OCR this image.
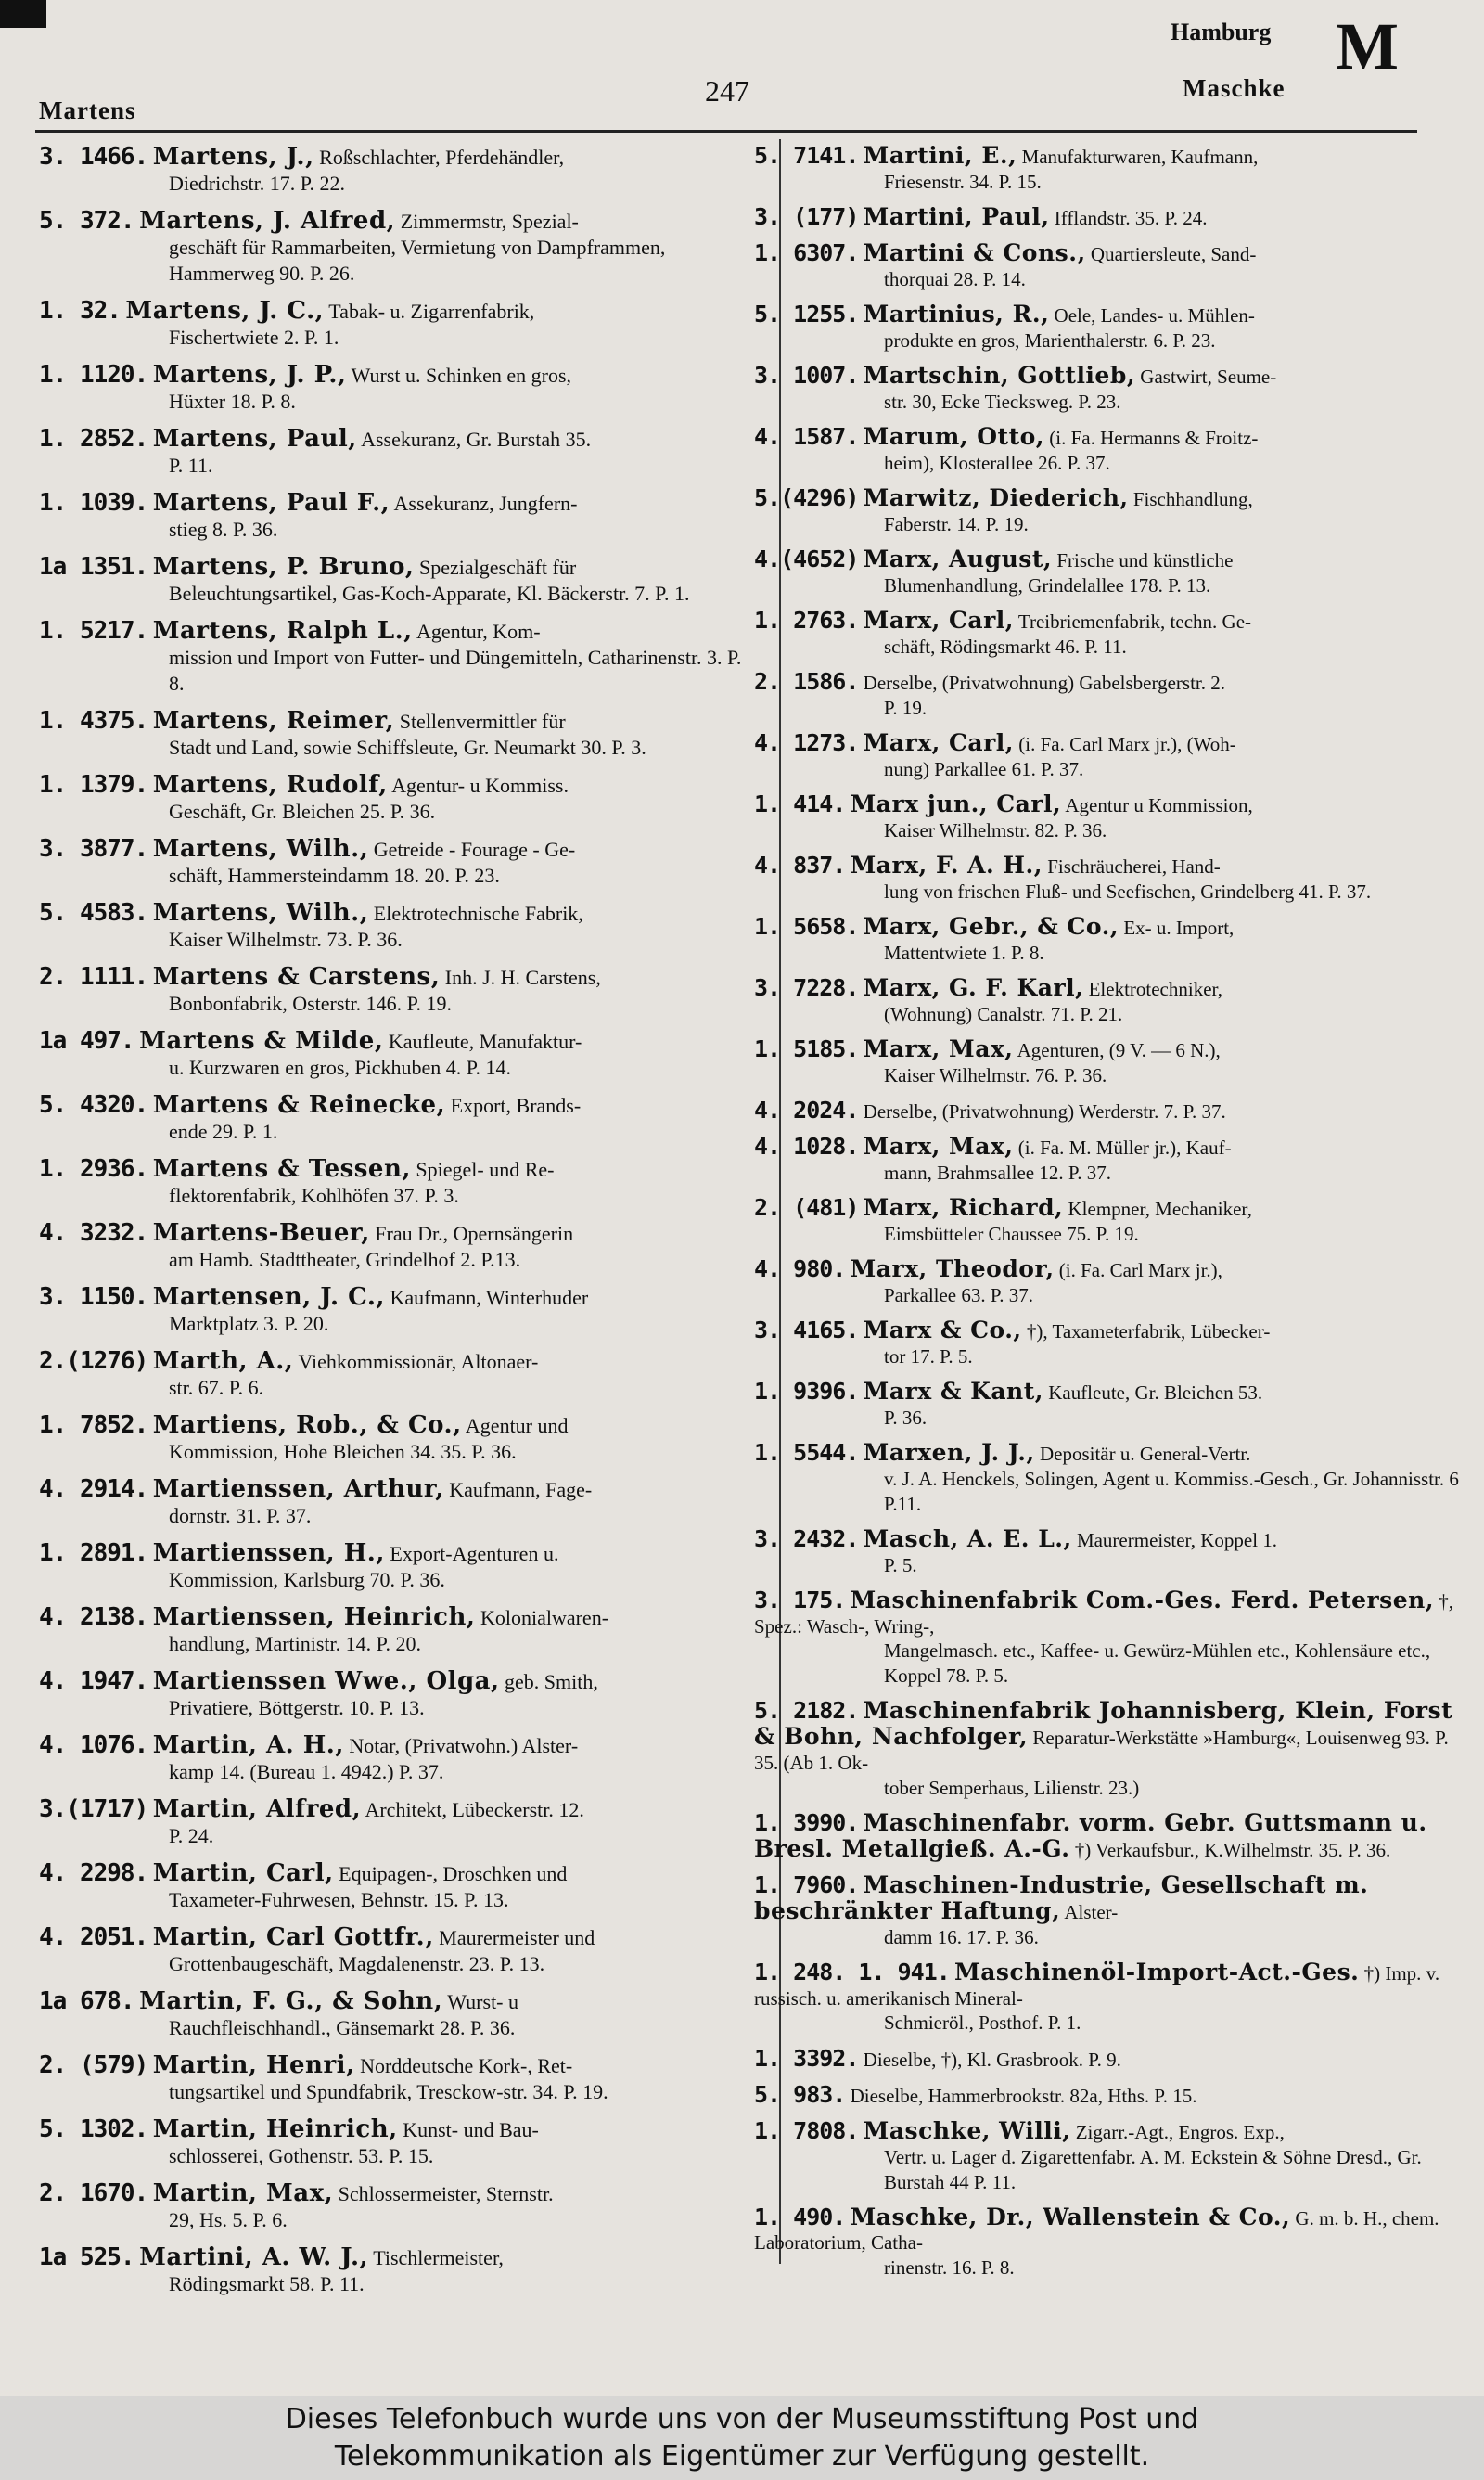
Martens
247
Hamburg
Maschke
M
3. 1466. Martens, J., Roßschlachter, Pferdehändler,
Diedrichstr. 17. P. 22.
5. 372. Martens, J. Alfred, Zimmermstr, Spezial-
geschäft für Rammarbeiten, Vermietung von Dampframmen, Hammerweg 90. P. 26.
1. 32. Martens, J. C., Tabak- u. Zigarrenfabrik,
Fischertwiete 2. P. 1.
1. 1120. Martens, J. P., Wurst u. Schinken en gros,
Hüxter 18. P. 8.
1. 2852. Martens, Paul, Assekuranz, Gr. Burstah 35.
P. 11.
1. 1039. Martens, Paul F., Assekuranz, Jungfern-
stieg 8. P. 36.
1a 1351. Martens, P. Bruno, Spezialgeschäft für
Beleuchtungsartikel, Gas-Koch-Apparate, Kl. Bäckerstr. 7. P. 1.
1. 5217. Martens, Ralph L., Agentur, Kom-
mission und Import von Futter- und Düngemitteln, Catharinenstr. 3. P. 8.
1. 4375. Martens, Reimer, Stellenvermittler für
Stadt und Land, sowie Schiffsleute, Gr. Neumarkt 30. P. 3.
1. 1379. Martens, Rudolf, Agentur- u Kommiss.
Geschäft, Gr. Bleichen 25. P. 36.
3. 3877. Martens, Wilh., Getreide - Fourage - Ge-
schäft, Hammersteindamm 18. 20. P. 23.
5. 4583. Martens, Wilh., Elektrotechnische Fabrik,
Kaiser Wilhelmstr. 73. P. 36.
2. 1111. Martens & Carstens, Inh. J. H. Carstens,
Bonbonfabrik, Osterstr. 146. P. 19.
1a 497. Martens & Milde, Kaufleute, Manufaktur-
u. Kurzwaren en gros, Pickhuben 4. P. 14.
5. 4320. Martens & Reinecke, Export, Brands-
ende 29. P. 1.
1. 2936. Martens & Tessen, Spiegel- und Re-
flektorenfabrik, Kohlhöfen 37. P. 3.
4. 3232. Martens-Beuer, Frau Dr., Opernsängerin
am Hamb. Stadttheater, Grindelhof 2. P.13.
3. 1150. Martensen, J. C., Kaufmann, Winterhuder
Marktplatz 3. P. 20.
2.(1276) Marth, A., Viehkommissionär, Altonaer-
str. 67. P. 6.
1. 7852. Martiens, Rob., & Co., Agentur und
Kommission, Hohe Bleichen 34. 35. P. 36.
4. 2914. Martienssen, Arthur, Kaufmann, Fage-
dornstr. 31. P. 37.
1. 2891. Martienssen, H., Export-Agenturen u.
Kommission, Karlsburg 70. P. 36.
4. 2138. Martienssen, Heinrich, Kolonialwaren-
handlung, Martinistr. 14. P. 20.
4. 1947. Martienssen Wwe., Olga, geb. Smith,
Privatiere, Böttgerstr. 10. P. 13.
4. 1076. Martin, A. H., Notar, (Privatwohn.) Alster-
kamp 14. (Bureau 1. 4942.) P. 37.
3.(1717) Martin, Alfred, Architekt, Lübeckerstr. 12.
P. 24.
4. 2298. Martin, Carl, Equipagen-, Droschken und
Taxameter-Fuhrwesen, Behnstr. 15. P. 13.
4. 2051. Martin, Carl Gottfr., Maurermeister und
Grottenbaugeschäft, Magdalenenstr. 23. P. 13.
1a 678. Martin, F. G., & Sohn, Wurst- u
Rauchfleischhandl., Gänsemarkt 28. P. 36.
2. (579) Martin, Henri, Norddeutsche Kork-, Ret-
tungsartikel und Spundfabrik, Tresckow-str. 34. P. 19.
5. 1302. Martin, Heinrich, Kunst- und Bau-
schlosserei, Gothenstr. 53. P. 15.
2. 1670. Martin, Max, Schlossermeister, Sternstr.
29, Hs. 5. P. 6.
1a 525. Martini, A. W. J., Tischlermeister,
Rödingsmarkt 58. P. 11.
5. 7141. Martini, E., Manufakturwaren, Kaufmann,
Friesenstr. 34. P. 15.
3. (177) Martini, Paul, Ifflandstr. 35. P. 24.
1. 6307. Martini & Cons., Quartiersleute, Sand-
thorquai 28. P. 14.
5. 1255. Martinius, R., Oele, Landes- u. Mühlen-
produkte en gros, Marienthalerstr. 6. P. 23.
3. 1007. Martschin, Gottlieb, Gastwirt, Seume-
str. 30, Ecke Tiecksweg. P. 23.
4. 1587. Marum, Otto, (i. Fa. Hermanns & Froitz-
heim), Klosterallee 26. P. 37.
5.(4296) Marwitz, Diederich, Fischhandlung,
Faberstr. 14. P. 19.
4.(4652) Marx, August, Frische und künstliche
Blumenhandlung, Grindelallee 178. P. 13.
1. 2763. Marx, Carl, Treibriemenfabrik, techn. Ge-
schäft, Rödingsmarkt 46. P. 11.
2. 1586. Derselbe, (Privatwohnung) Gabelsbergerstr. 2.
P. 19.
4. 1273. Marx, Carl, (i. Fa. Carl Marx jr.), (Woh-
nung) Parkallee 61. P. 37.
1. 414. Marx jun., Carl, Agentur u Kommission,
Kaiser Wilhelmstr. 82. P. 36.
4. 837. Marx, F. A. H., Fischräucherei, Hand-
lung von frischen Fluß- und Seefischen, Grindelberg 41. P. 37.
1. 5658. Marx, Gebr., & Co., Ex- u. Import,
Mattentwiete 1. P. 8.
3. 7228. Marx, G. F. Karl, Elektrotechniker,
(Wohnung) Canalstr. 71. P. 21.
1. 5185. Marx, Max, Agenturen, (9 V. — 6 N.),
Kaiser Wilhelmstr. 76. P. 36.
4. 2024. Derselbe, (Privatwohnung) Werderstr. 7. P. 37.
4. 1028. Marx, Max, (i. Fa. M. Müller jr.), Kauf-
mann, Brahmsallee 12. P. 37.
2. (481) Marx, Richard, Klempner, Mechaniker,
Eimsbütteler Chaussee 75. P. 19.
4. 980. Marx, Theodor, (i. Fa. Carl Marx jr.),
Parkallee 63. P. 37.
3. 4165. Marx & Co., †), Taxameterfabrik, Lübecker-
tor 17. P. 5.
1. 9396. Marx & Kant, Kaufleute, Gr. Bleichen 53.
P. 36.
1. 5544. Marxen, J. J., Depositär u. General-Vertr.
v. J. A. Henckels, Solingen, Agent u. Kommiss.-Gesch., Gr. Johannisstr. 6 P.11.
3. 2432. Masch, A. E. L., Maurermeister, Koppel 1.
P. 5.
3. 175. Maschinenfabrik Com.-Ges. Ferd. Petersen, †, Spez.: Wasch-, Wring-,
Mangelmasch. etc., Kaffee- u. Gewürz-Mühlen etc., Kohlensäure etc., Koppel 78. P. 5.
5. 2182. Maschinenfabrik Johannisberg, Klein, Forst & Bohn, Nachfolger, Reparatur-Werkstätte »Hamburg«, Louisenweg 93. P. 35. (Ab 1. Ok-
tober Semperhaus, Lilienstr. 23.)
1. 3990. Maschinenfabr. vorm. Gebr. Guttsmann u. Bresl. Metallgieß. A.-G. †) Verkaufsbur., K.Wilhelmstr. 35. P. 36.
1. 7960. Maschinen-Industrie, Gesellschaft m. beschränkter Haftung, Alster-
damm 16. 17. P. 36.
1. 248. 1. 941. Maschinenöl-Import-Act.-Ges. †) Imp. v. russisch. u. amerikanisch Mineral-
Schmieröl., Posthof. P. 1.
1. 3392. Dieselbe, †), Kl. Grasbrook. P. 9.
5. 983. Dieselbe, Hammerbrookstr. 82a, Hths. P. 15.
1. 7808. Maschke, Willi, Zigarr.-Agt., Engros. Exp.,
Vertr. u. Lager d. Zigarettenfabr. A. M. Eckstein & Söhne Dresd., Gr. Burstah 44 P. 11.
1. 490. Maschke, Dr., Wallenstein & Co., G. m. b. H., chem. Laboratorium, Catha-
rinenstr. 16. P. 8.
Dieses Telefonbuch wurde uns von der Museumsstiftung Post und
Telekommunikation als Eigentümer zur Verfügung gestellt.
